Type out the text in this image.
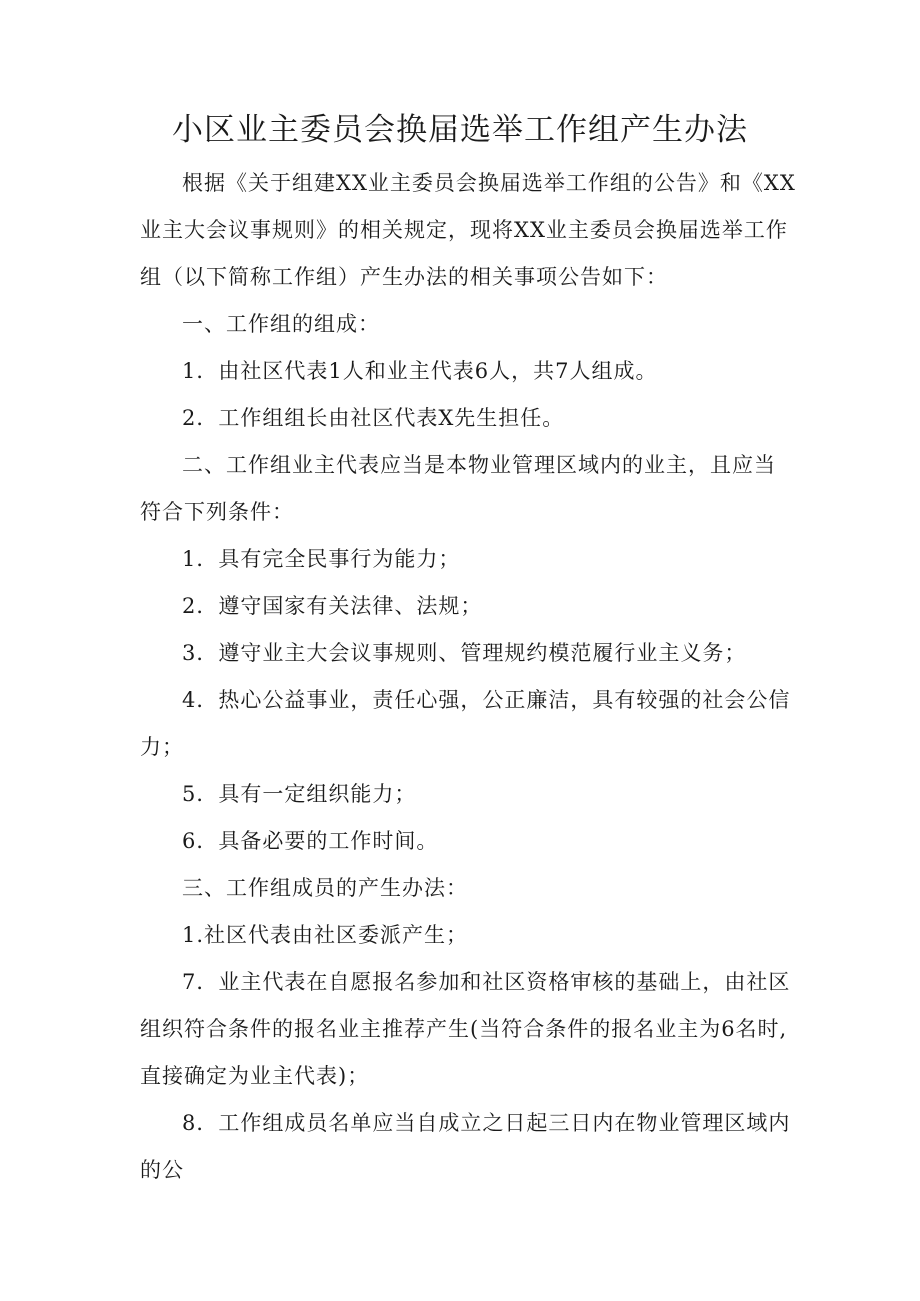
小区业主委员会换届选举工作组产生办法

根据《关于组建XX业主委员会换届选举工作组的公告》和《XX业主大会议事规则》的相关规定，现将XX业主委员会换届选举工作组（以下简称工作组）产生办法的相关事项公告如下：

一、工作组的组成：

1．由社区代表1人和业主代表6人，共7人组成。

2．工作组组长由社区代表X先生担任。

二、工作组业主代表应当是本物业管理区域内的业主，且应当符合下列条件：

1．具有完全民事行为能力；

2．遵守国家有关法律、法规；

3．遵守业主大会议事规则、管理规约模范履行业主义务；

4．热心公益事业，责任心强，公正廉洁，具有较强的社会公信力；

5．具有一定组织能力；

6．具备必要的工作时间。

三、工作组成员的产生办法：

1.社区代表由社区委派产生；

7．业主代表在自愿报名参加和社区资格审核的基础上，由社区组织符合条件的报名业主推荐产生(当符合条件的报名业主为6名时,直接确定为业主代表)；

8．工作组成员名单应当自成立之日起三日内在物业管理区域内的公
